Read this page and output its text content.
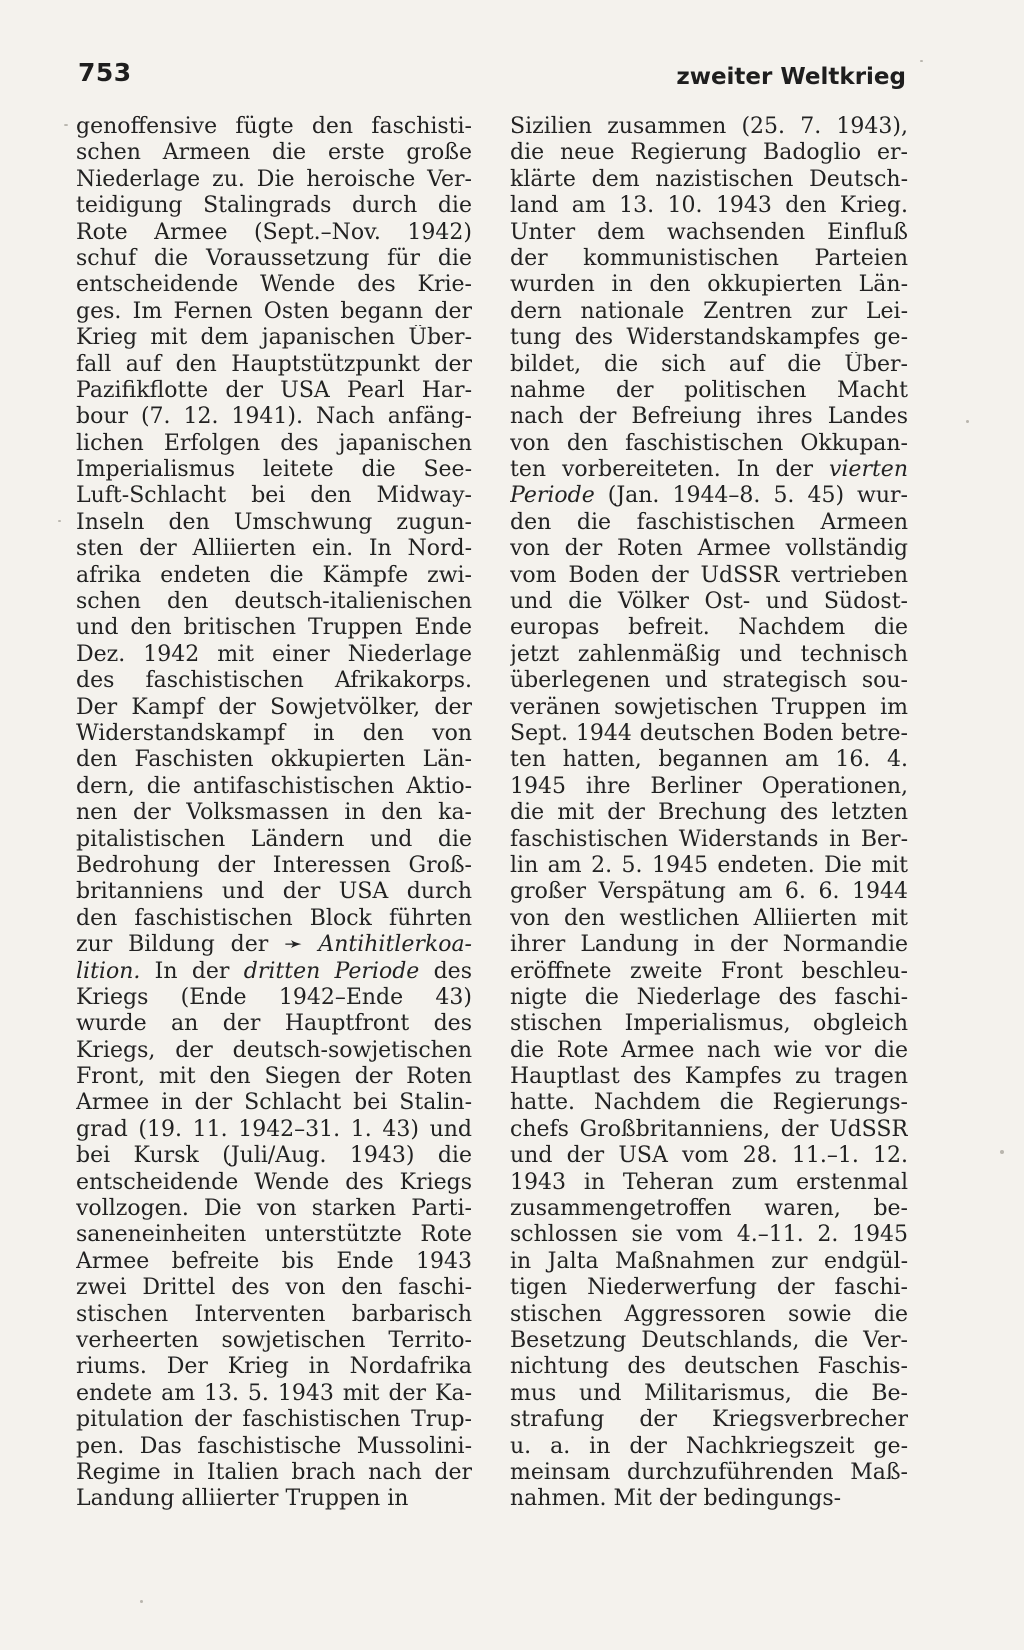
753	zweiter Weltkrieg
genoffensive fügte den faschisti-
schen Armeen die erste große
Niederlage zu. Die heroische Ver-
teidigung Stalingrads durch die
Rote Armee (Sept.–Nov. 1942)
schuf die Voraussetzung für die
entscheidende Wende des Krie-
ges. Im Fernen Osten begann der
Krieg mit dem japanischen Über-
fall auf den Hauptstützpunkt der
Pazifikflotte der USA Pearl Har-
bour (7. 12. 1941). Nach anfäng-
lichen Erfolgen des japanischen
Imperialismus leitete die See-
Luft-Schlacht bei den Midway-
Inseln den Umschwung zugun-
sten der Alliierten ein. In Nord-
afrika endeten die Kämpfe zwi-
schen den deutsch-italienischen
und den britischen Truppen Ende
Dez. 1942 mit einer Niederlage
des faschistischen Afrikakorps.
Der Kampf der Sowjetvölker, der
Widerstandskampf in den von
den Faschisten okkupierten Län-
dern, die antifaschistischen Aktio-
nen der Volksmassen in den ka-
pitalistischen Ländern und die
Bedrohung der Interessen Groß-
britanniens und der USA durch
den faschistischen Block führten
zur Bildung der ➛ Antihitlerkoa-
lition. In der dritten Periode des
Kriegs (Ende 1942–Ende 43)
wurde an der Hauptfront des
Kriegs, der deutsch-sowjetischen
Front, mit den Siegen der Roten
Armee in der Schlacht bei Stalin-
grad (19. 11. 1942–31. 1. 43) und
bei Kursk (Juli/Aug. 1943) die
entscheidende Wende des Kriegs
vollzogen. Die von starken Parti-
saneneinheiten unterstützte Rote
Armee befreite bis Ende 1943
zwei Drittel des von den faschi-
stischen Interventen barbarisch
verheerten sowjetischen Territo-
riums. Der Krieg in Nordafrika
endete am 13. 5. 1943 mit der Ka-
pitulation der faschistischen Trup-
pen. Das faschistische Mussolini-
Regime in Italien brach nach der
Landung alliierter Truppen in
Sizilien zusammen (25. 7. 1943),
die neue Regierung Badoglio er-
klärte dem nazistischen Deutsch-
land am 13. 10. 1943 den Krieg.
Unter dem wachsenden Einfluß
der kommunistischen Parteien
wurden in den okkupierten Län-
dern nationale Zentren zur Lei-
tung des Widerstandskampfes ge-
bildet, die sich auf die Über-
nahme der politischen Macht
nach der Befreiung ihres Landes
von den faschistischen Okkupan-
ten vorbereiteten. In der vierten
Periode (Jan. 1944–8. 5. 45) wur-
den die faschistischen Armeen
von der Roten Armee vollständig
vom Boden der UdSSR vertrieben
und die Völker Ost- und Südost-
europas befreit. Nachdem die
jetzt zahlenmäßig und technisch
überlegenen und strategisch sou-
veränen sowjetischen Truppen im
Sept. 1944 deutschen Boden betre-
ten hatten, begannen am 16. 4.
1945 ihre Berliner Operationen,
die mit der Brechung des letzten
faschistischen Widerstands in Ber-
lin am 2. 5. 1945 endeten. Die mit
großer Verspätung am 6. 6. 1944
von den westlichen Alliierten mit
ihrer Landung in der Normandie
eröffnete zweite Front beschleu-
nigte die Niederlage des faschi-
stischen Imperialismus, obgleich
die Rote Armee nach wie vor die
Hauptlast des Kampfes zu tragen
hatte. Nachdem die Regierungs-
chefs Großbritanniens, der UdSSR
und der USA vom 28. 11.–1. 12.
1943 in Teheran zum erstenmal
zusammengetroffen waren, be-
schlossen sie vom 4.–11. 2. 1945
in Jalta Maßnahmen zur endgül-
tigen Niederwerfung der faschi-
stischen Aggressoren sowie die
Besetzung Deutschlands, die Ver-
nichtung des deutschen Faschis-
mus und Militarismus, die Be-
strafung der Kriegsverbrecher
u. a. in der Nachkriegszeit ge-
meinsam durchzuführenden Maß-
nahmen. Mit der bedingungs-
